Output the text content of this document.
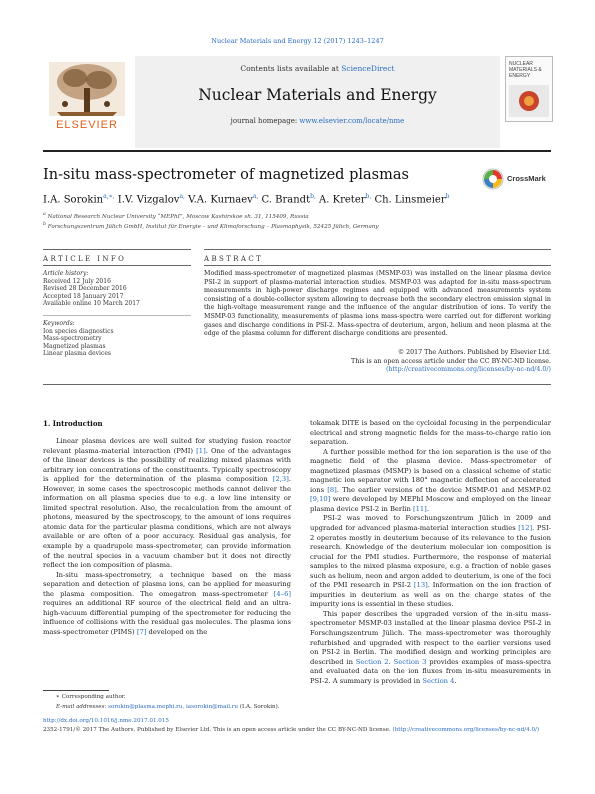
Nuclear Materials and Energy 12 (2017) 1243–1247
ELSEVIER
Contents lists available at ScienceDirect
Nuclear Materials and Energy
journal homepage: www.elsevier.com/locate/nme
NUCLEAR MATERIALS & ENERGY
In-situ mass-spectrometer of magnetized plasmas	CrossMark
I.A. Sorokin$^{a,∗,}$ I.V. Vizgalov$^{a,}$ V.A. Kurnaev$^{a,}$ C. Brandt$^{b,}$ A. Kreter$^{b,}$ Ch. Linsmeier$^b$
$^a$ National Research Nuclear University “MEPhI”, Moscow Kashirskoe sh. 31, 115409, Russia
$^b$ Forschungszentrum Jülich GmbH, Institut für Energie – und Klimaforschung – Plasmaphysik, 52425 Jülich, Germany
ARTICLE INFO	ABSTRACT
Article history:
Received 12 July 2016
Revised 28 December 2016
Accepted 18 January 2017
Available online 10 March 2017
Keywords:
Ion species diagnostics
Mass-spectrometry
Magnetized plasmas
Linear plasma devices
Modified mass-spectrometer of magnetized plasmas (MSMP-03) was installed on the linear plasma device PSI-2 in support of plasma-material interaction studies. MSMP-03 was adapted for in-situ mass-spectrum measurements in high-power discharge regimes and equipped with advanced measurements system consisting of a double-collector system allowing to decrease both the secondary electron emission signal in the high-voltage measurement range and the influence of the angular distribution of ions. To verify the MSMP-03 functionality, measurements of plasma ions mass-spectra were carried out for different working gases and discharge conditions in PSI-2. Mass-spectra of deuterium, argon, helium and neon plasma at the edge of the plasma column for different discharge conditions are presented.
© 2017 The Authors. Published by Elsevier Ltd.
This is an open access article under the CC BY-NC-ND license.
(http://creativecommons.org/licenses/by-nc-nd/4.0/)
1. Introduction

Linear plasma devices are well suited for studying fusion reactor relevant plasma-material interaction (PMI) [1]. One of the advantages of the linear devices is the possibility of realizing mixed plasmas with arbitrary ion concentrations of the constituents. Typically spectroscopy is applied for the determination of the plasma composition [2,3]. However, in some cases the spectroscopic methods cannot deliver the information on all plasma species due to e.g. a low line intensity or limited spectral resolution. Also, the recalculation from the amount of photons, measured by the spectroscopy, to the amount of ions requires atomic data for the particular plasma conditions, which are not always available or are often of a poor accuracy. Residual gas analysis, for example by a quadrupole mass-spectrometer, can provide information of the neutral species in a vacuum chamber but it does not directly reflect the ion composition of plasma.

In-situ mass-spectrometry, a technique based on the mass separation and detection of plasma ions, can be applied for measuring the plasma composition. The omegatron mass-spectrometer [4–6] requires an additional RF source of the electrical field and an ultra-high-vacuum differential pumping of the spectrometer for reducing the influence of collisions with the residual gas molecules. The plasma ions mass-spectrometer (PIMS) [7] developed on the

tokamak DITE is based on the cycloidal focusing in the perpendicular electrical and strong magnetic fields for the mass-to-charge ratio ion separation.

A further possible method for the ion separation is the use of the magnetic field of the plasma device. Mass-spectrometer of magnetized plasmas (MSMP) is based on a classical scheme of static magnetic ion separator with 180° magnetic deflection of accelerated ions [8]. The earlier versions of the device MSMP-01 and MSMP-02 [9,10] were developed by MEPhI Moscow and employed on the linear plasma device PSI-2 in Berlin [11].

PSI-2 was moved to Forschungszentrum Jülich in 2009 and upgraded for advanced plasma-material interaction studies [12]. PSI-2 operates mostly in deuterium because of its relevance to the fusion research. Knowledge of the deuterium molecular ion composition is crucial for the PMI studies. Furthermore, the response of material samples to the mixed plasma exposure, e.g. a fraction of noble gases such as helium, neon and argon added to deuterium, is one of the foci of the PMI research in PSI-2 [13]. Information on the ion fraction of impurities in deuterium as well as on the charge states of the impurity ions is essential in these studies.

This paper describes the upgraded version of the in-situ mass-spectrometer MSMP-03 installed at the linear plasma device PSI-2 in Forschungszentrum Jülich. The mass-spectrometer was thoroughly refurbished and upgraded with respect to the earlier versions used on PSI-2 in Berlin. The modified design and working principles are described in Section 2. Section 3 provides examples of mass-spectra and evaluated data on the ion fluxes from in-situ measurements in PSI-2. A summary is provided in Section 4.

∗ Corresponding author.
E-mail addresses: sorokin@plasma.mephi.ru, iasorokin@mail.ru (I.A. Sorokin).
http://dx.doi.org/10.1016/j.nme.2017.01.015
2352-1791/© 2017 The Authors. Published by Elsevier Ltd. This is an open access article under the CC BY-NC-ND license. (http://creativecommons.org/licenses/by-nc-nd/4.0/)
